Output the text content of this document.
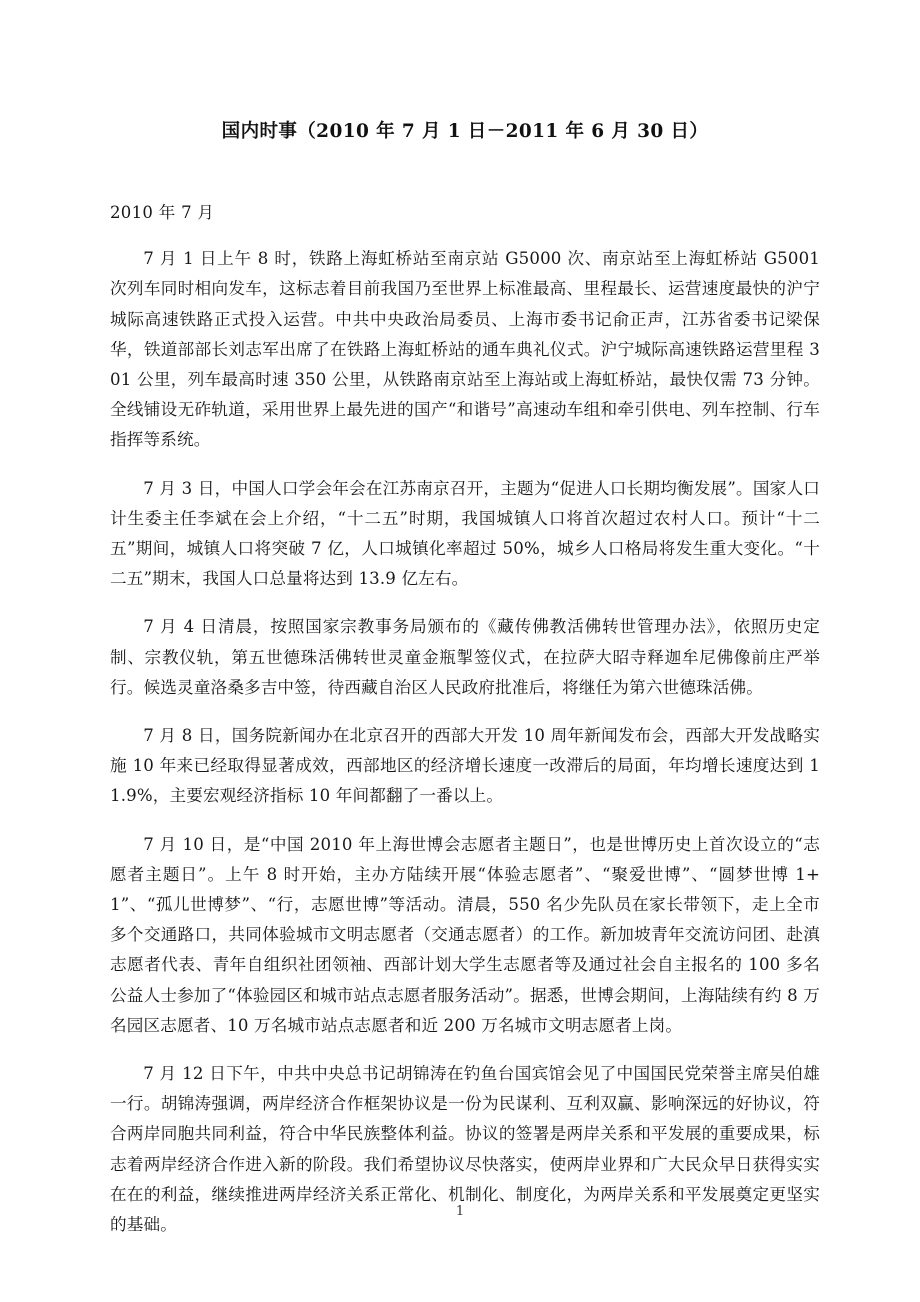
国内时事（2010 年 7 月 1 日－2011 年 6 月 30 日）

2010 年 7 月

7 月 1 日上午 8 时，铁路上海虹桥站至南京站 G5000 次、南京站至上海虹桥站 G5001 次列车同时相向发车，这标志着目前我国乃至世界上标准最高、里程最长、运营速度最快的沪宁城际高速铁路正式投入运营。中共中央政治局委员、上海市委书记俞正声，江苏省委书记梁保华，铁道部部长刘志军出席了在铁路上海虹桥站的通车典礼仪式。沪宁城际高速铁路运营里程 301 公里，列车最高时速 350 公里，从铁路南京站至上海站或上海虹桥站，最快仅需 73 分钟。全线铺设无砟轨道，采用世界上最先进的国产“和谐号”高速动车组和牵引供电、列车控制、行车指挥等系统。

7 月 3 日，中国人口学会年会在江苏南京召开，主题为“促进人口长期均衡发展”。国家人口计生委主任李斌在会上介绍，“十二五”时期，我国城镇人口将首次超过农村人口。预计“十二五”期间，城镇人口将突破 7 亿，人口城镇化率超过 50%，城乡人口格局将发生重大变化。“十二五”期末，我国人口总量将达到 13.9 亿左右。

7 月 4 日清晨，按照国家宗教事务局颁布的《藏传佛教活佛转世管理办法》，依照历史定制、宗教仪轨，第五世德珠活佛转世灵童金瓶掣签仪式，在拉萨大昭寺释迦牟尼佛像前庄严举行。候选灵童洛桑多吉中签，待西藏自治区人民政府批准后，将继任为第六世德珠活佛。

7 月 8 日，国务院新闻办在北京召开的西部大开发 10 周年新闻发布会，西部大开发战略实施 10 年来已经取得显著成效，西部地区的经济增长速度一改滞后的局面，年均增长速度达到 11.9%，主要宏观经济指标 10 年间都翻了一番以上。

7 月 10 日，是“中国 2010 年上海世博会志愿者主题日”，也是世博历史上首次设立的“志愿者主题日”。上午 8 时开始，主办方陆续开展“体验志愿者”、“聚爱世博”、“圆梦世博 1+1”、“孤儿世博梦”、“行，志愿世博”等活动。清晨，550 名少先队员在家长带领下，走上全市多个交通路口，共同体验城市文明志愿者（交通志愿者）的工作。新加坡青年交流访问团、赴滇志愿者代表、青年自组织社团领袖、西部计划大学生志愿者等及通过社会自主报名的 100 多名公益人士参加了“体验园区和城市站点志愿者服务活动”。据悉，世博会期间，上海陆续有约 8 万名园区志愿者、10 万名城市站点志愿者和近 200 万名城市文明志愿者上岗。

7 月 12 日下午，中共中央总书记胡锦涛在钓鱼台国宾馆会见了中国国民党荣誉主席吴伯雄一行。胡锦涛强调，两岸经济合作框架协议是一份为民谋利、互利双赢、影响深远的好协议，符合两岸同胞共同利益，符合中华民族整体利益。协议的签署是两岸关系和平发展的重要成果，标志着两岸经济合作进入新的阶段。我们希望协议尽快落实，使两岸业界和广大民众早日获得实实在在的利益，继续推进两岸经济关系正常化、机制化、制度化，为两岸关系和平发展奠定更坚实的基础。

1
